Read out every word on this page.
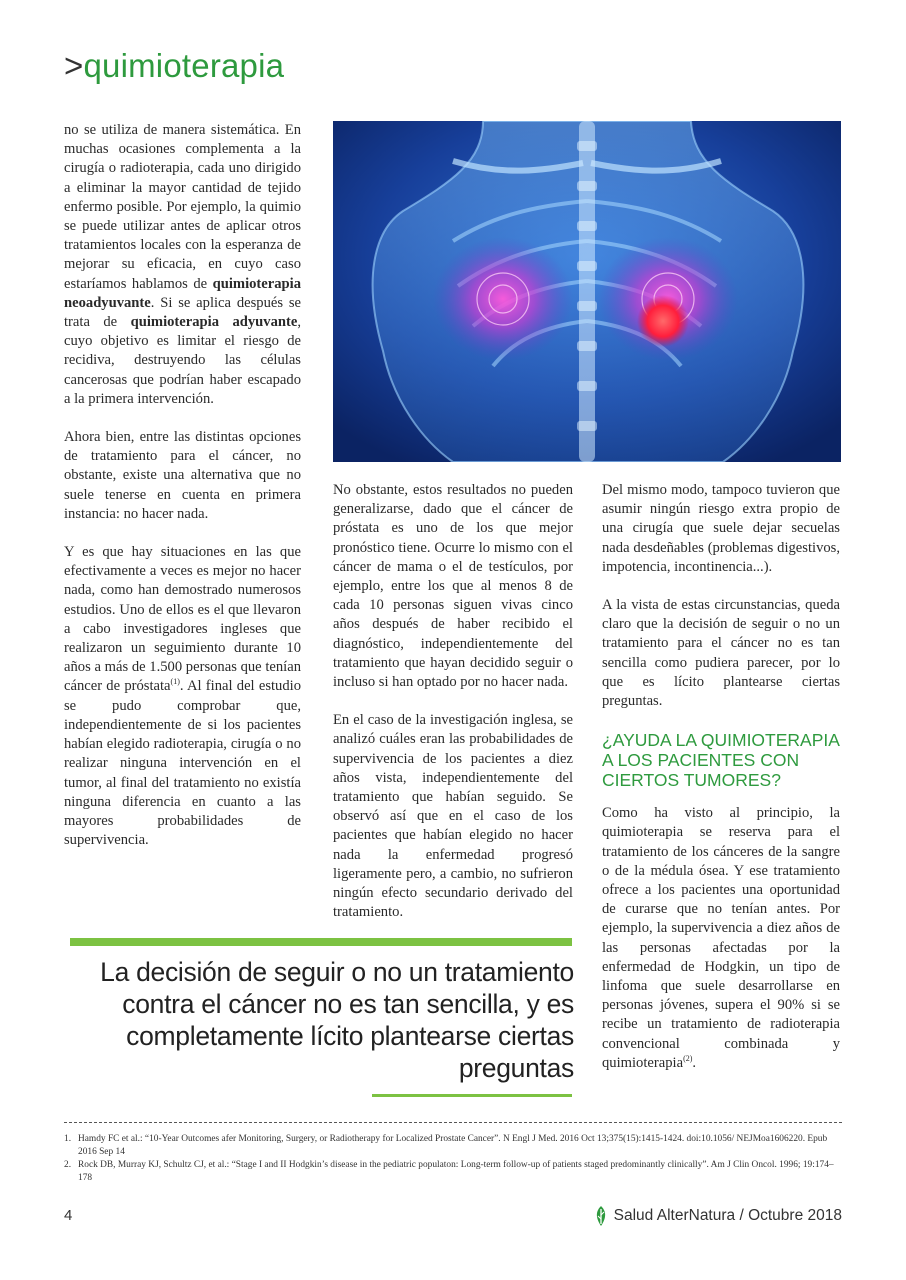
>quimioterapia

no se utiliza de manera sistemática. En muchas ocasiones complementa a la cirugía o radioterapia, cada uno dirigido a eliminar la mayor cantidad de tejido enfermo posible. Por ejemplo, la quimio se puede utilizar antes de aplicar otros tratamientos locales con la esperanza de mejorar su eficacia, en cuyo caso estaríamos hablamos de quimioterapia neoadyuvante. Si se aplica después se trata de quimioterapia adyuvante, cuyo objetivo es limitar el riesgo de recidiva, destruyendo las células cancerosas que podrían haber escapado a la primera intervención.

Ahora bien, entre las distintas opciones de tratamiento para el cáncer, no obstante, existe una alternativa que no suele tenerse en cuenta en primera instancia: no hacer nada.

Y es que hay situaciones en las que efectivamente a veces es mejor no hacer nada, como han demostrado numerosos estudios. Uno de ellos es el que llevaron a cabo investigadores ingleses que realizaron un seguimiento durante 10 años a más de 1.500 personas que tenían cáncer de próstata$^{(1)}$. Al final del estudio se pudo comprobar que, independientemente de si los pacientes habían elegido radioterapia, cirugía o no realizar ninguna intervención en el tumor, al final del tratamiento no existía ninguna diferencia en cuanto a las mayores probabilidades de supervivencia.

No obstante, estos resultados no pueden generalizarse, dado que el cáncer de próstata es uno de los que mejor pronóstico tiene. Ocurre lo mismo con el cáncer de mama o el de testículos, por ejemplo, entre los que al menos 8 de cada 10 personas siguen vivas cinco años después de haber recibido el diagnóstico, independientemente del tratamiento que hayan decidido seguir o incluso si han optado por no hacer nada.

En el caso de la investigación inglesa, se analizó cuáles eran las probabilidades de supervivencia de los pacientes a diez años vista, independientemente del tratamiento que habían seguido. Se observó así que en el caso de los pacientes que habían elegido no hacer nada la enfermedad progresó ligeramente pero, a cambio, no sufrieron ningún efecto secundario derivado del tratamiento.

Del mismo modo, tampoco tuvieron que asumir ningún riesgo extra propio de una cirugía que suele dejar secuelas nada desdeñables (problemas digestivos, impotencia, incontinencia...).

A la vista de estas circunstancias, queda claro que la decisión de seguir o no un tratamiento para el cáncer no es tan sencilla como pudiera parecer, por lo que es lícito plantearse ciertas preguntas.

¿AYUDA LA QUIMIOTERAPIA A LOS PACIENTES CON CIERTOS TUMORES?

Como ha visto al principio, la quimioterapia se reserva para el tratamiento de los cánceres de la sangre o de la médula ósea. Y ese tratamiento ofrece a los pacientes una oportunidad de curarse que no tenían antes. Por ejemplo, la supervivencia a diez años de las personas afectadas por la enfermedad de Hodgkin, un tipo de linfoma que suele desarrollarse en personas jóvenes, supera el 90% si se recibe un tratamiento de radioterapia convencional combinada y quimioterapia$^{(2)}$.

La decisión de seguir o no un tratamiento contra el cáncer no es tan sencilla, y es completamente lícito plantearse ciertas preguntas

1. Hamdy FC et al.: “10-Year Outcomes afer Monitoring, Surgery, or Radiotherapy for Localized Prostate Cancer”. N Engl J Med. 2016 Oct 13;375(15):1415-1424. doi:10.1056/ NEJMoa1606220. Epub 2016 Sep 14
2. Rock DB, Murray KJ, Schultz CJ, et al.: “Stage I and II Hodgkin’s disease in the pediatric populaton: Long-term follow-up of patients staged predominantly clinically”. Am J Clin Oncol. 1996; 19:174–178
4	Salud AlterNatura / Octubre 2018
